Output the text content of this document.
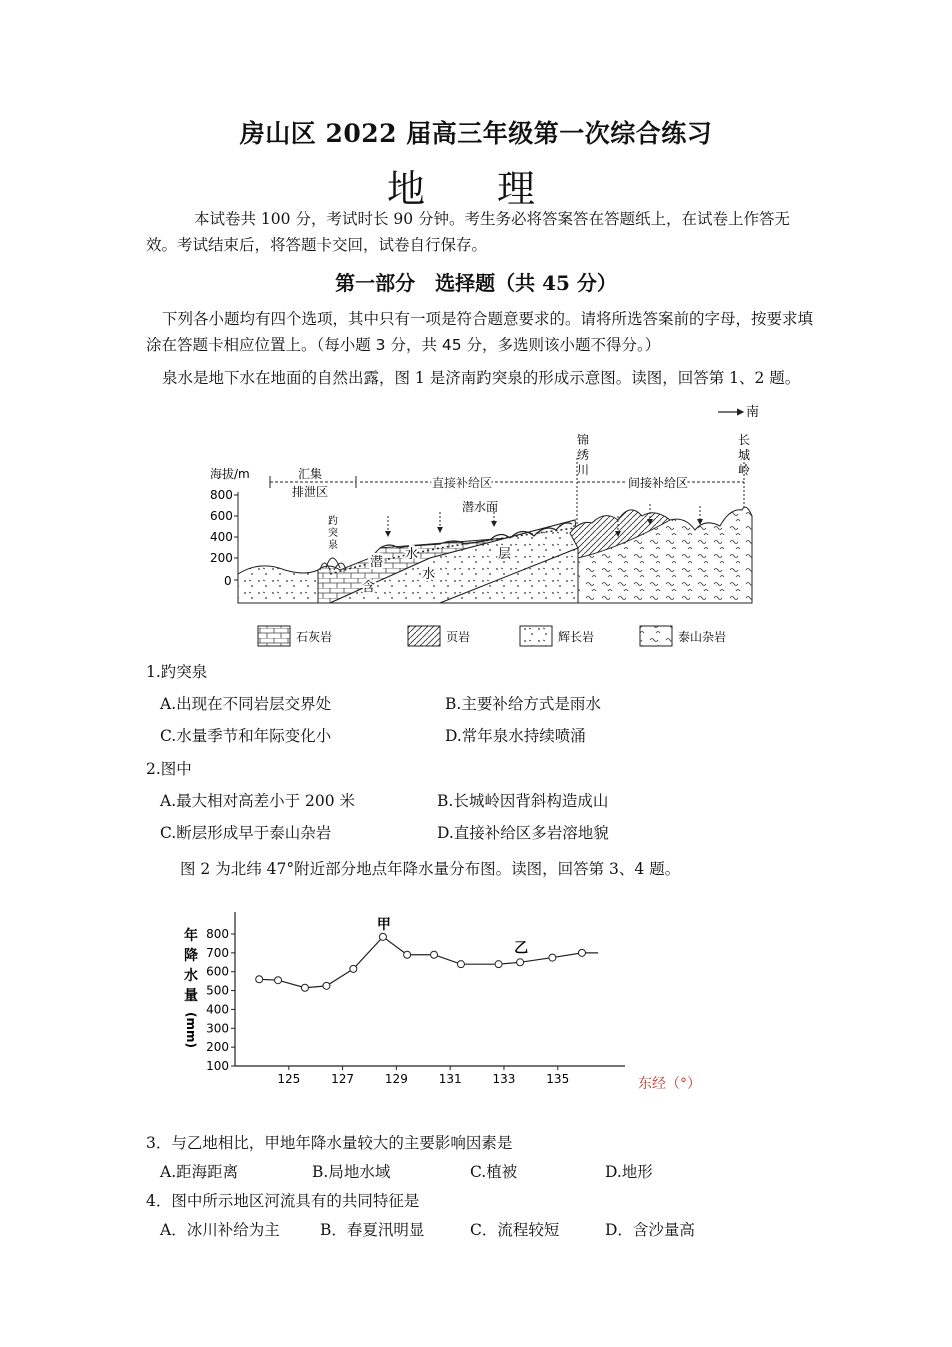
房山区 2022 届高三年级第一次综合练习
地 理
本试卷共 100 分，考试时长 90 分钟。考生务必将答案答在答题纸上，在试卷上作答无效。考试结束后，将答题卡交回，试卷自行保存。
第一部分　选择题（共 45 分）
下列各小题均有四个选项，其中只有一项是符合题意要求的。请将所选答案前的字母，按要求填涂在答题卡相应位置上。（每小题 3 分，共 45 分，多选则该小题不得分。）
泉水是地下水在地面的自然出露，图 1 是济南趵突泉的形成示意图。读图，回答第 1、2 题。
南
锦
绣
川
长
城
岭
海拔/m
800
600
400
200
0
汇集
排泄区
直接补给区	间接补给区
潜水面
趵
突
泉
潜
水
含
水
层
石灰岩	页岩	辉长岩	泰山杂岩
1.趵突泉
A.出现在不同岩层交界处	B.主要补给方式是雨水
C.水量季节和年际变化小	D.常年泉水持续喷涌
2.图中
A.最大相对高差小于 200 米	B.长城岭因背斜构造成山
C.断层形成早于泰山杂岩	D.直接补给区多岩溶地貌
图 2 为北纬 47°附近部分地点年降水量分布图。读图，回答第 3、4 题。
年
降
水
量
(mm)
100
200
300
400
500
600
700
800
125	127	129	131	133	135
甲
乙
东经（°）
3．与乙地相比，甲地年降水量较大的主要影响因素是
A.距海距离	B.局地水域	C.植被	D.地形
4．图中所示地区河流具有的共同特征是
A．冰川补给为主	B．春夏汛明显	C．流程较短	D．含沙量高
